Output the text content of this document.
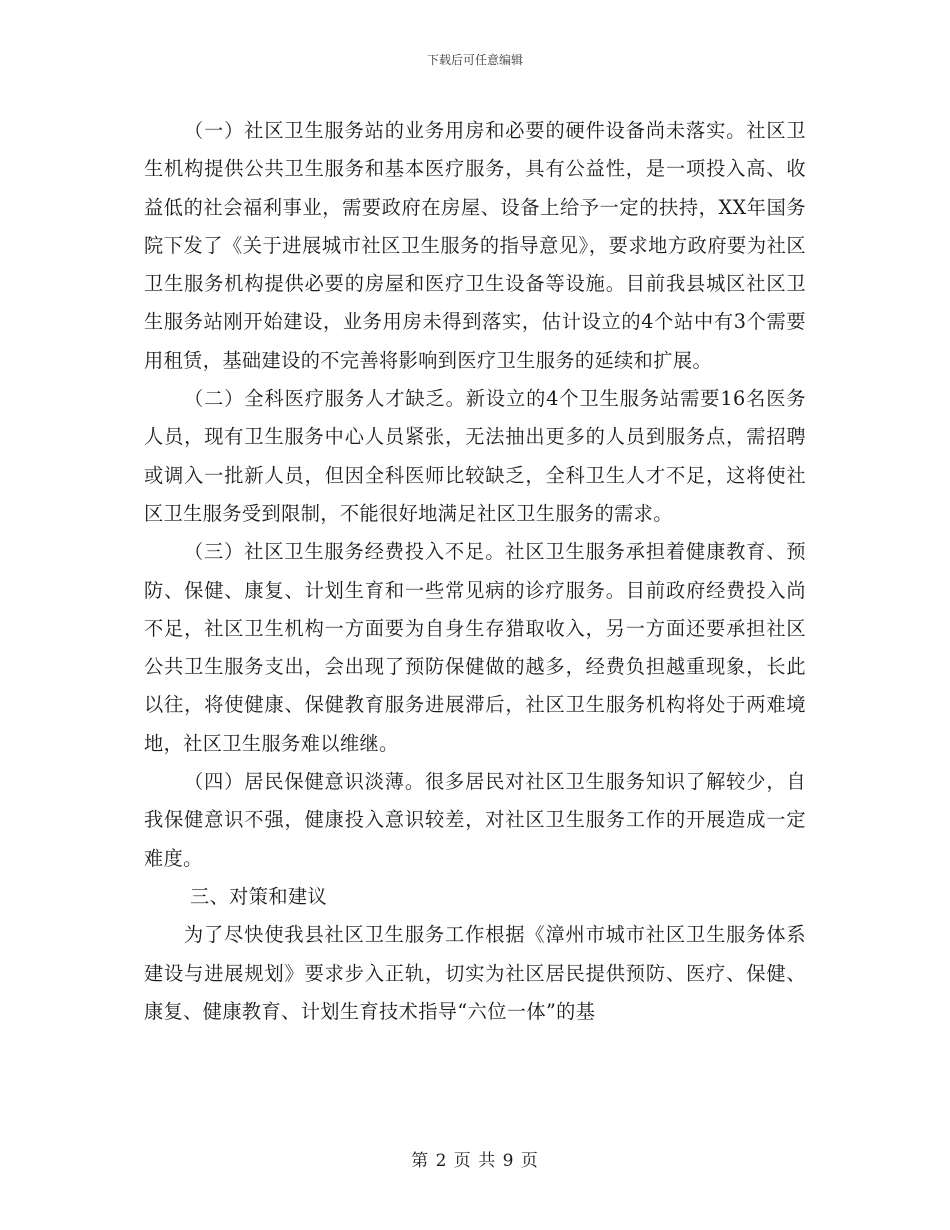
下载后可任意编辑

（一）社区卫生服务站的业务用房和必要的硬件设备尚未落实。社区卫生机构提供公共卫生服务和基本医疗服务，具有公益性，是一项投入高、收益低的社会福利事业，需要政府在房屋、设备上给予一定的扶持，XX年国务院下发了《关于进展城市社区卫生服务的指导意见》，要求地方政府要为社区卫生服务机构提供必要的房屋和医疗卫生设备等设施。目前我县城区社区卫生服务站刚开始建设，业务用房未得到落实，估计设立的4个站中有3个需要用租赁，基础建设的不完善将影响到医疗卫生服务的延续和扩展。

（二）全科医疗服务人才缺乏。新设立的4个卫生服务站需要16名医务人员，现有卫生服务中心人员紧张，无法抽出更多的人员到服务点，需招聘或调入一批新人员，但因全科医师比较缺乏，全科卫生人才不足，这将使社区卫生服务受到限制，不能很好地满足社区卫生服务的需求。

（三）社区卫生服务经费投入不足。社区卫生服务承担着健康教育、预防、保健、康复、计划生育和一些常见病的诊疗服务。目前政府经费投入尚不足，社区卫生机构一方面要为自身生存猎取收入，另一方面还要承担社区公共卫生服务支出，会出现了预防保健做的越多，经费负担越重现象，长此以往，将使健康、保健教育服务进展滞后，社区卫生服务机构将处于两难境地，社区卫生服务难以维继。

（四）居民保健意识淡薄。很多居民对社区卫生服务知识了解较少，自我保健意识不强，健康投入意识较差，对社区卫生服务工作的开展造成一定难度。

三、对策和建议

为了尽快使我县社区卫生服务工作根据《漳州市城市社区卫生服务体系建设与进展规划》要求步入正轨，切实为社区居民提供预防、医疗、保健、康复、健康教育、计划生育技术指导“六位一体”的基

第 2 页 共 9 页
